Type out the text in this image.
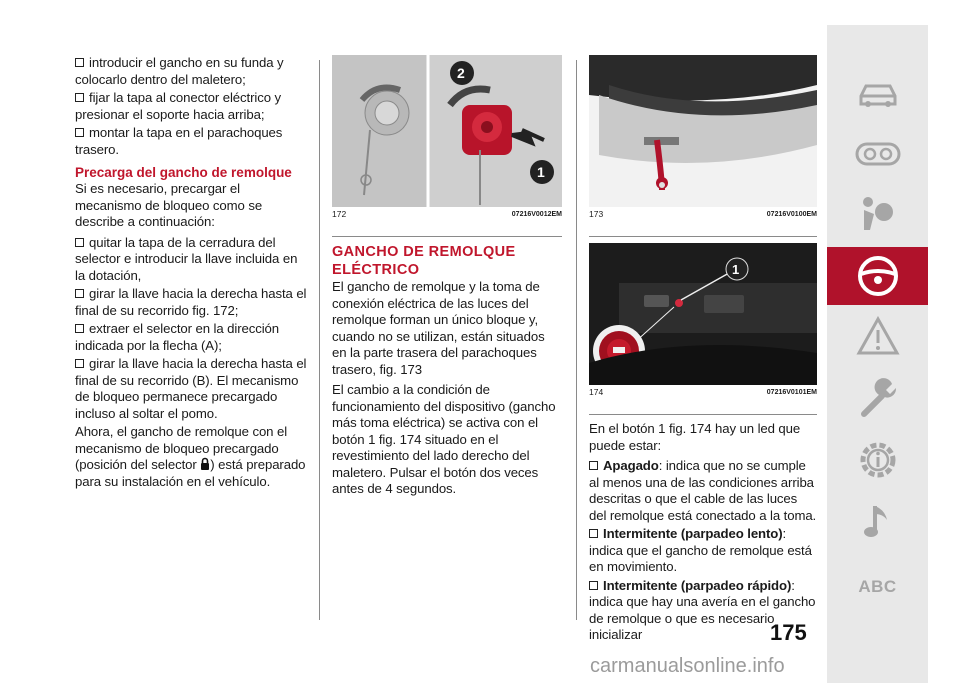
introducir el gancho en su funda y colocarlo dentro del maletero;
fijar la tapa al conector eléctrico y presionar el soporte hacia arriba;
montar la tapa en el parachoques trasero.
Precarga del gancho de remolque

Si es necesario, precargar el mecanismo de bloqueo como se describe a continuación:

quitar la tapa de la cerradura del selector e introducir la llave incluida en la dotación,
girar la llave hacia la derecha hasta el final de su recorrido fig. 172;
extraer el selector en la dirección indicada por la flecha (A);
girar la llave hacia la derecha hasta el final de su recorrido (B). El mecanismo de bloqueo permanece precargado incluso al soltar el pomo.

Ahora, el gancho de remolque con el mecanismo de bloqueo precargado (posición del selector ) está preparado para su instalación en el vehículo.

2
1
172	07216V0012EM
GANCHO DE REMOLQUE ELÉCTRICO

El gancho de remolque y la toma de conexión eléctrica de las luces del remolque forman un único bloque y, cuando no se utilizan, están situados en la parte trasera del parachoques trasero, fig. 173

El cambio a la condición de funcionamiento del dispositivo (gancho más toma eléctrica) se activa con el botón 1 fig. 174 situado en el revestimiento del lado derecho del maletero. Pulsar el botón dos veces antes de 4 segundos.

173	07216V0100EM
1
174	07216V0101EM

En el botón 1 fig. 174 hay un led que puede estar:

Apagado: indica que no se cumple al menos una de las condiciones arriba descritas o que el cable de las luces del remolque está conectado a la toma.
Intermitente (parpadeo lento): indica que el gancho de remolque está en movimiento.
Intermitente (parpadeo rápido): indica que hay una avería en el gancho de remolque o que es necesario inicializar
ABC
175
carmanualsonline.info
